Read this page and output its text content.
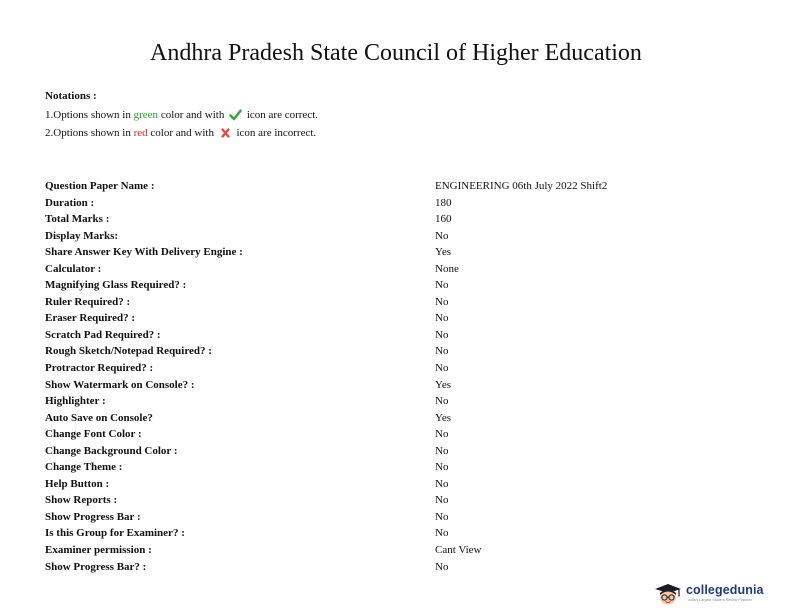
Andhra Pradesh State Council of Higher Education
Notations :
1.Options shown in green color and with  icon are correct.
2.Options shown in red color and with  icon are incorrect.
Question Paper Name :	ENGINEERING 06th July 2022 Shift2
Duration :	180
Total Marks :	160
Display Marks:	No
Share Answer Key With Delivery Engine :	Yes
Calculator :	None
Magnifying Glass Required? :	No
Ruler Required? :	No
Eraser Required? :	No
Scratch Pad Required? :	No
Rough Sketch/Notepad Required? :	No
Protractor Required? :	No
Show Watermark on Console? :	Yes
Highlighter :	No
Auto Save on Console?	Yes
Change Font Color :	No
Change Background Color :	No
Change Theme :	No
Help Button :	No
Show Reports :	No
Show Progress Bar :	No
Is this Group for Examiner? :	No
Examiner permission :	Cant View
Show Progress Bar? :	No
collegedunia
India's Largest Student Review Platform
